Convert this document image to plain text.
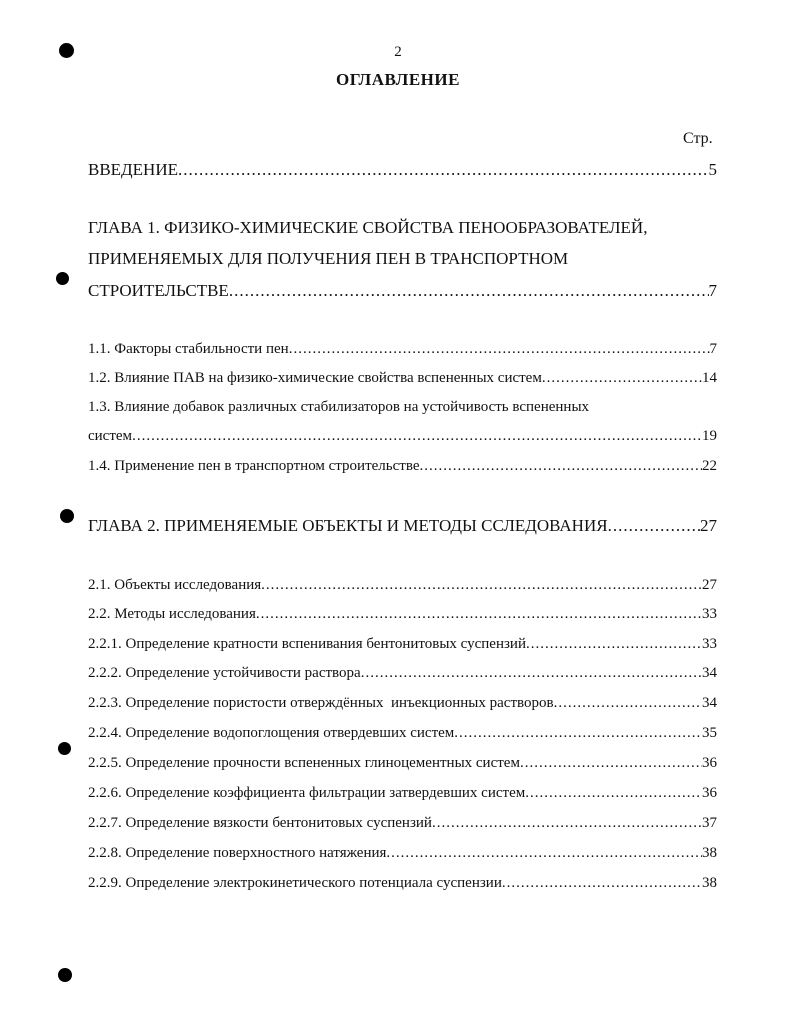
2
ОГЛАВЛЕНИЕ
Стр.
ВВЕДЕНИЕ .....	5
ГЛАВА 1. ФИЗИКО-ХИМИЧЕСКИЕ СВОЙСТВА ПЕНООБРАЗОВАТЕЛЕЙ,
ПРИМЕНЯЕМЫХ ДЛЯ ПОЛУЧЕНИЯ ПЕН В ТРАНСПОРТНОМ
СТРОИТЕЛЬСТВЕ .....	7
1.1. Факторы стабильности пен .....	7
1.2. Влияние ПАВ на физико-химические свойства вспененных систем .....	14
1.3. Влияние добавок различных стабилизаторов на устойчивость вспененных
систем .....	19
1.4. Применение пен в транспортном строительстве .....	22
ГЛАВА 2. ПРИМЕНЯЕМЫЕ ОБЪЕКТЫ И МЕТОДЫ ССЛЕДОВАНИЯ .....	27
2.1. Объекты исследования .....	27
2.2. Методы исследования .....	33
2.2.1. Определение кратности вспенивания бентонитовых суспензий .....	33
2.2.2. Определение устойчивости раствора .....	34
2.2.3. Определение пористости отверждённых  инъекционных растворов .....	34
2.2.4. Определение водопоглощения отвердевших систем .....	35
2.2.5. Определение прочности вспененных глиноцементных систем .....	36
2.2.6. Определение коэффициента фильтрации затвердевших систем .....	36
2.2.7. Определение вязкости бентонитовых суспензий .....	37
2.2.8. Определение поверхностного натяжения .....	38
2.2.9. Определение электрокинетического потенциала суспензии .....	38
